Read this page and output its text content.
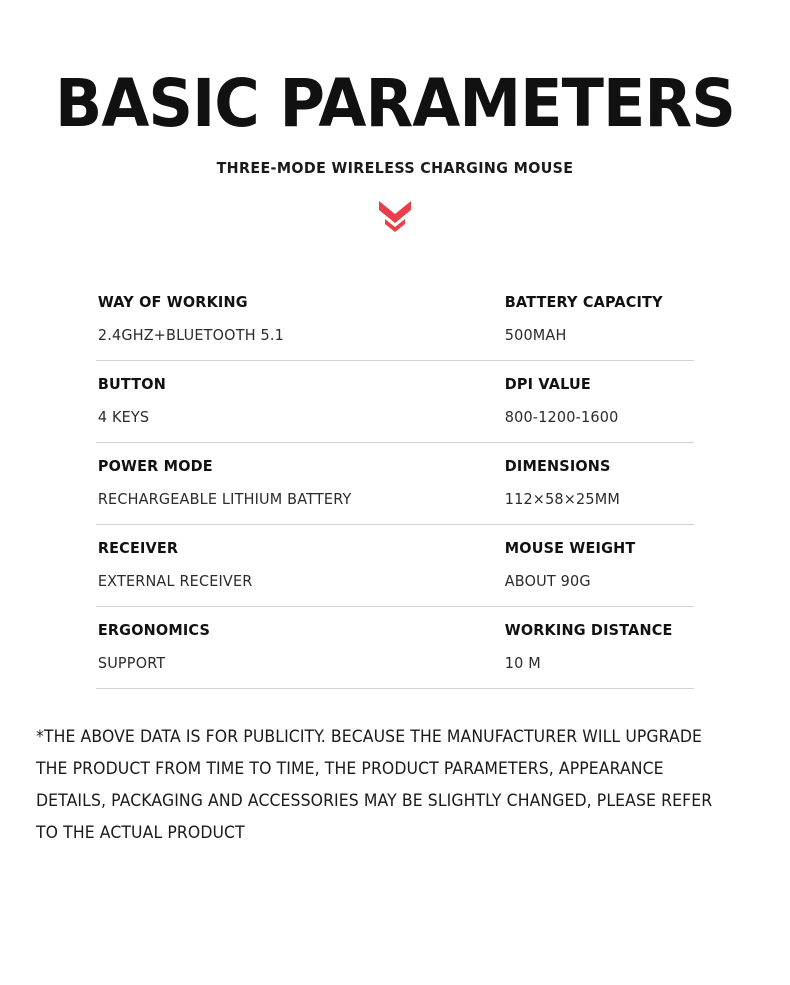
BASIC PARAMETERS
THREE-MODE WIRELESS CHARGING MOUSE
WAY OF WORKING
2.4GHZ+BLUETOOTH 5.1

BATTERY CAPACITY
500MAH

BUTTON
4 KEYS

DPI VALUE
800-1200-1600

POWER MODE
RECHARGEABLE LITHIUM BATTERY

DIMENSIONS
112×58×25MM

RECEIVER
EXTERNAL RECEIVER

MOUSE WEIGHT
ABOUT 90G

ERGONOMICS
SUPPORT

WORKING DISTANCE
10 M
*THE ABOVE DATA IS FOR PUBLICITY. BECAUSE THE MANUFACTURER WILL UPGRADE THE PRODUCT FROM TIME TO TIME, THE PRODUCT PARAMETERS, APPEARANCE DETAILS, PACKAGING AND ACCESSORIES MAY BE SLIGHTLY CHANGED, PLEASE REFER TO THE ACTUAL PRODUCT
